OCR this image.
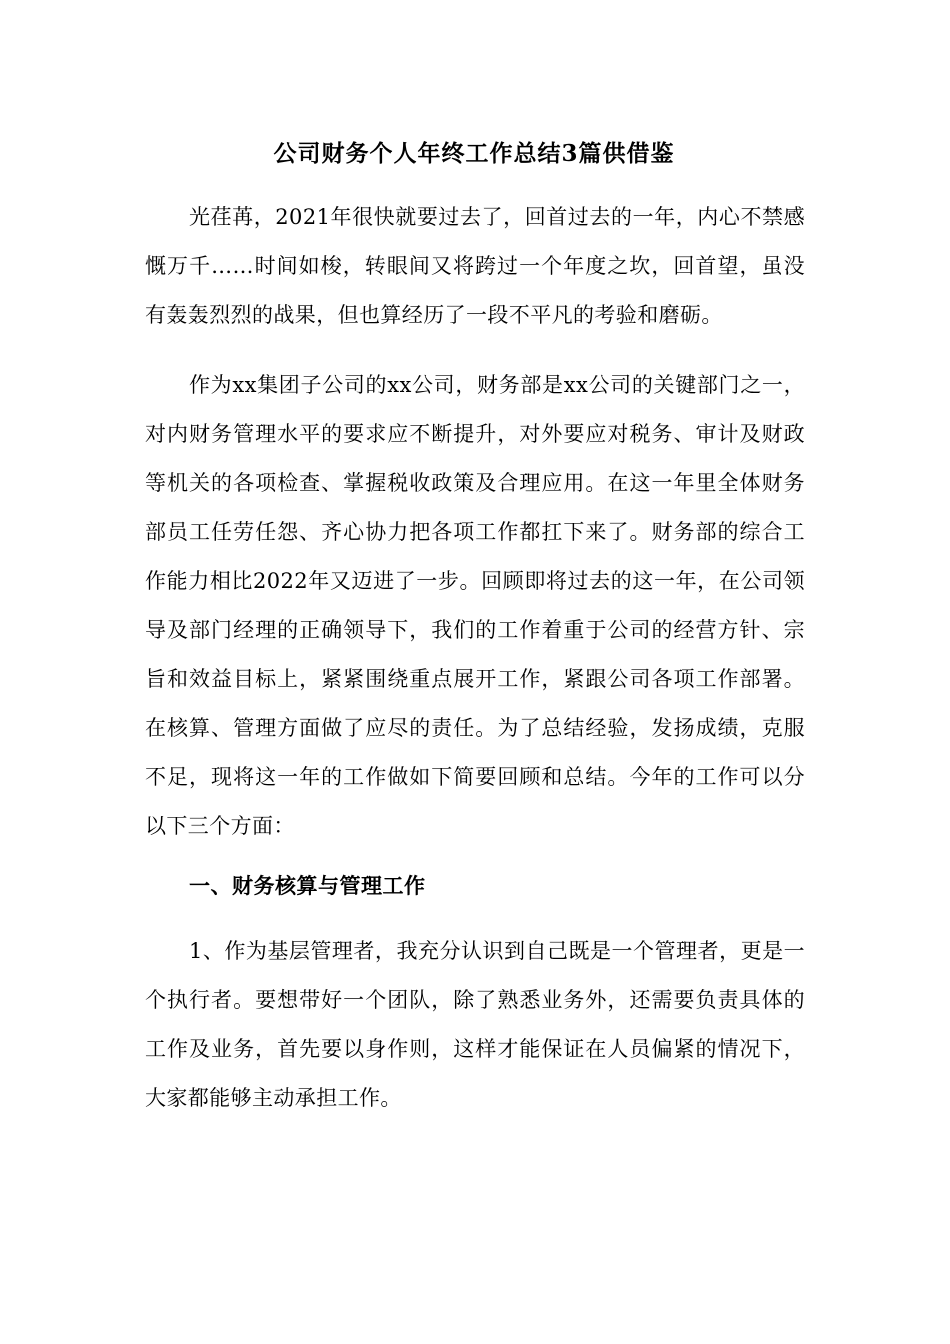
公司财务个人年终工作总结3篇供借鉴

光荏苒，2021年很快就要过去了，回首过去的一年，内心不禁感慨万千……时间如梭，转眼间又将跨过一个年度之坎，回首望，虽没有轰轰烈烈的战果，但也算经历了一段不平凡的考验和磨砺。

作为xx集团子公司的xx公司，财务部是xx公司的关键部门之一，对内财务管理水平的要求应不断提升，对外要应对税务、审计及财政等机关的各项检查、掌握税收政策及合理应用。在这一年里全体财务部员工任劳任怨、齐心协力把各项工作都扛下来了。财务部的综合工作能力相比2022年又迈进了一步。回顾即将过去的这一年，在公司领导及部门经理的正确领导下，我们的工作着重于公司的经营方针、宗旨和效益目标上，紧紧围绕重点展开工作，紧跟公司各项工作部署。在核算、管理方面做了应尽的责任。为了总结经验，发扬成绩，克服不足，现将这一年的工作做如下简要回顾和总结。今年的工作可以分以下三个方面：

一、财务核算与管理工作

1、作为基层管理者，我充分认识到自己既是一个管理者，更是一个执行者。要想带好一个团队，除了熟悉业务外，还需要负责具体的工作及业务，首先要以身作则，这样才能保证在人员偏紧的情况下，大家都能够主动承担工作。
